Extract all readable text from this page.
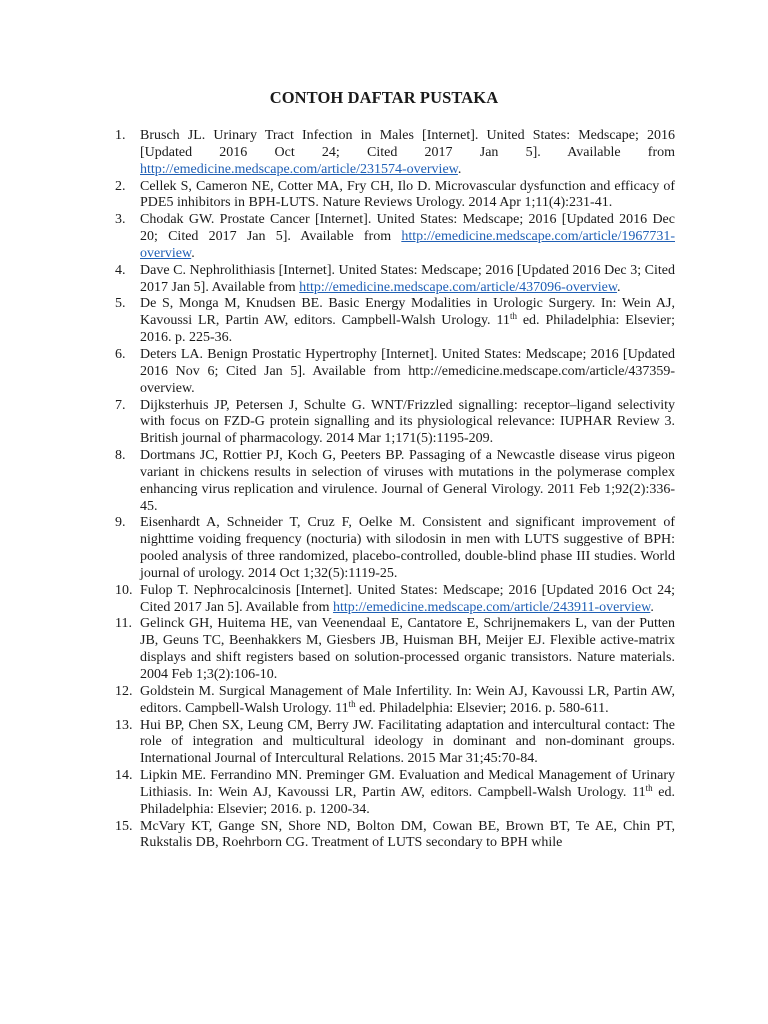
CONTOH DAFTAR PUSTAKA
1.	Brusch JL. Urinary Tract Infection in Males [Internet]. United States: Medscape; 2016 [Updated 2016 Oct 24; Cited 2017 Jan 5]. Available from http://emedicine.medscape.com/article/231574-overview.
2.	Cellek S, Cameron NE, Cotter MA, Fry CH, Ilo D. Microvascular dysfunction and efficacy of PDE5 inhibitors in BPH-LUTS. Nature Reviews Urology. 2014 Apr 1;11(4):231-41.
3.	Chodak GW. Prostate Cancer [Internet]. United States: Medscape; 2016 [Updated 2016 Dec 20; Cited 2017 Jan 5]. Available from http://emedicine.medscape.com/article/1967731-overview.
4.	Dave C. Nephrolithiasis [Internet]. United States: Medscape; 2016 [Updated 2016 Dec 3; Cited 2017 Jan 5]. Available from http://emedicine.medscape.com/article/437096-overview.
5.	De S, Monga M, Knudsen BE. Basic Energy Modalities in Urologic Surgery. In: Wein AJ, Kavoussi LR, Partin AW, editors. Campbell-Walsh Urology. 11th ed. Philadelphia: Elsevier; 2016. p. 225-36.
6.	Deters LA. Benign Prostatic Hypertrophy [Internet]. United States: Medscape; 2016 [Updated 2016 Nov 6; Cited Jan 5]. Available from http://emedicine.medscape.com/article/437359-overview.
7.	Dijksterhuis JP, Petersen J, Schulte G. WNT/Frizzled signalling: receptor–ligand selectivity with focus on FZD-G protein signalling and its physiological relevance: IUPHAR Review 3. British journal of pharmacology. 2014 Mar 1;171(5):1195-209.
8.	Dortmans JC, Rottier PJ, Koch G, Peeters BP. Passaging of a Newcastle disease virus pigeon variant in chickens results in selection of viruses with mutations in the polymerase complex enhancing virus replication and virulence. Journal of General Virology. 2011 Feb 1;92(2):336-45.
9.	Eisenhardt A, Schneider T, Cruz F, Oelke M. Consistent and significant improvement of nighttime voiding frequency (nocturia) with silodosin in men with LUTS suggestive of BPH: pooled analysis of three randomized, placebo-controlled, double-blind phase III studies. World journal of urology. 2014 Oct 1;32(5):1119-25.
10. Fulop T. Nephrocalcinosis [Internet]. United States: Medscape; 2016 [Updated 2016 Oct 24; Cited 2017 Jan 5]. Available from http://emedicine.medscape.com/article/243911-overview.
11. Gelinck GH, Huitema HE, van Veenendaal E, Cantatore E, Schrijnemakers L, van der Putten JB, Geuns TC, Beenhakkers M, Giesbers JB, Huisman BH, Meijer EJ. Flexible active-matrix displays and shift registers based on solution-processed organic transistors. Nature materials. 2004 Feb 1;3(2):106-10.
12. Goldstein M. Surgical Management of Male Infertility. In: Wein AJ, Kavoussi LR, Partin AW, editors. Campbell-Walsh Urology. 11th ed. Philadelphia: Elsevier; 2016. p. 580-611.
13. Hui BP, Chen SX, Leung CM, Berry JW. Facilitating adaptation and intercultural contact: The role of integration and multicultural ideology in dominant and non-dominant groups. International Journal of Intercultural Relations. 2015 Mar 31;45:70-84.
14. Lipkin ME. Ferrandino MN. Preminger GM. Evaluation and Medical Management of Urinary Lithiasis. In: Wein AJ, Kavoussi LR, Partin AW, editors. Campbell-Walsh Urology. 11th ed. Philadelphia: Elsevier; 2016. p. 1200-34.
15. McVary KT, Gange SN, Shore ND, Bolton DM, Cowan BE, Brown BT, Te AE, Chin PT, Rukstalis DB, Roehrborn CG. Treatment of LUTS secondary to BPH while
